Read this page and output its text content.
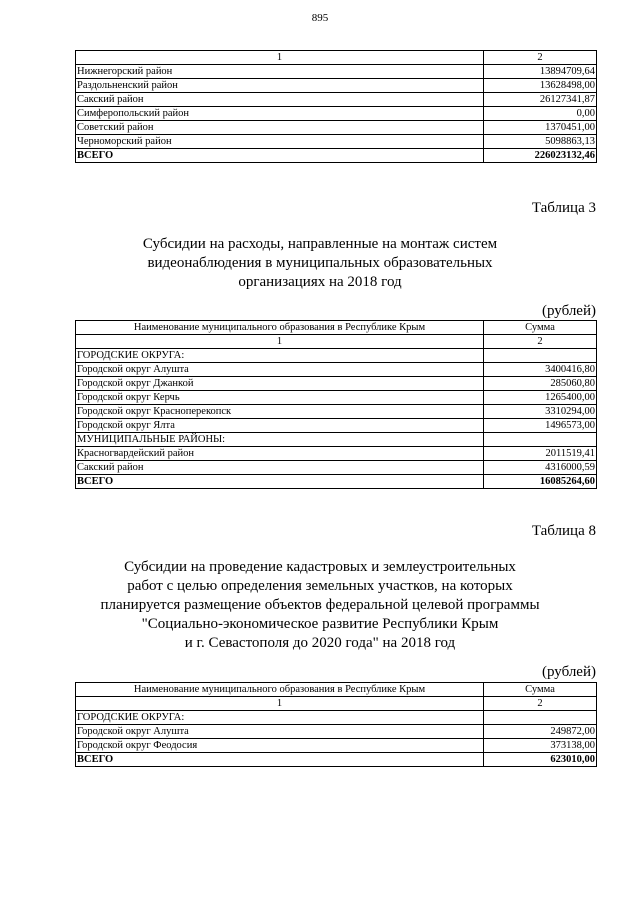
895
1	2
Нижнегорский район	13894709,64
Раздольненский район	13628498,00
Сакский район	26127341,87
Симферопольский район	0,00
Советский район	1370451,00
Черноморский район	5098863,13
ВСЕГО	226023132,46
Таблица 3
Субсидии на расходы, направленные на монтаж систем
видеонаблюдения в муниципальных образовательных
организациях на 2018 год
(рублей)
Наименование муниципального образования в Республике Крым	Сумма
1	2
ГОРОДСКИЕ ОКРУГА:	
Городской округ Алушта	3400416,80
Городской округ Джанкой	285060,80
Городской округ Керчь	1265400,00
Городской округ Красноперекопск	3310294,00
Городской округ Ялта	1496573,00
МУНИЦИПАЛЬНЫЕ РАЙОНЫ:	
Красногвардейский район	2011519,41
Сакский район	4316000,59
ВСЕГО	16085264,60
Таблица 8
Субсидии на проведение кадастровых и землеустроительных
работ с целью определения земельных участков, на которых
планируется размещение объектов федеральной целевой программы
"Социально-экономическое развитие Республики Крым
и г. Севастополя до 2020 года" на 2018 год
(рублей)
Наименование муниципального образования в Республике Крым	Сумма
1	2
ГОРОДСКИЕ ОКРУГА:	
Городской округ Алушта	249872,00
Городской округ Феодосия	373138,00
ВСЕГО	623010,00
